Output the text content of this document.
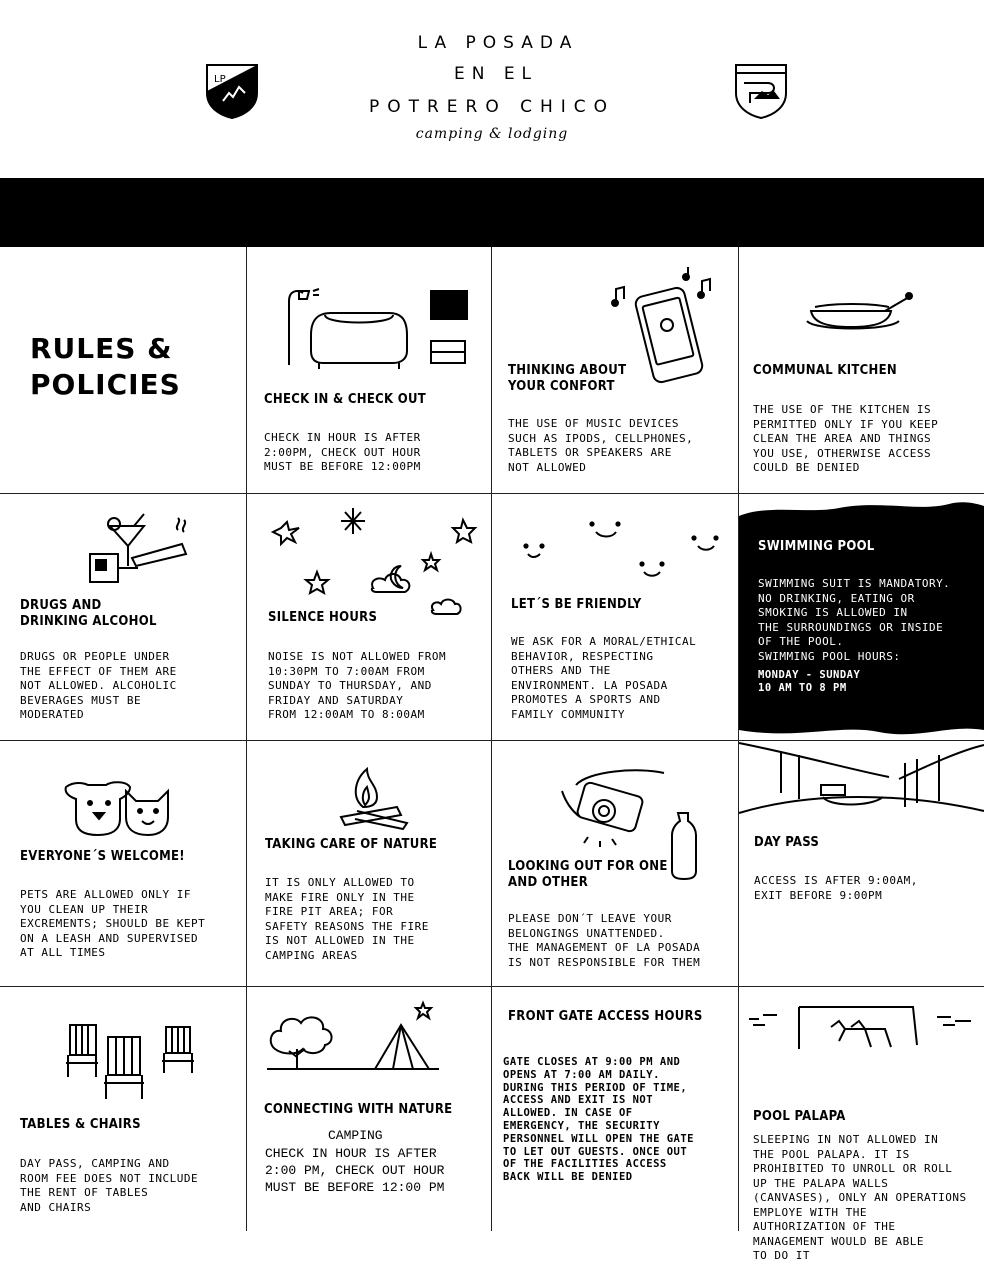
LA POSADA
EN EL
POTRERO CHICO
camping & lodging
LP
RULES &
POLICIES	CHECK IN & CHECK OUT
CHECK IN HOUR IS AFTER
2:00PM, CHECK OUT HOUR
MUST BE BEFORE 12:00PM
THINKING ABOUT
YOUR CONFORT
THE USE OF MUSIC DEVICES
SUCH AS IPODS, CELLPHONES,
TABLETS OR SPEAKERS ARE
NOT ALLOWED
COMMUNAL KITCHEN
THE USE OF THE KITCHEN IS
PERMITTED ONLY IF YOU KEEP
CLEAN THE AREA AND THINGS
YOU USE, OTHERWISE ACCESS
COULD BE DENIED
DRUGS AND
DRINKING ALCOHOL
DRUGS OR PEOPLE UNDER
THE EFFECT OF THEM ARE
NOT ALLOWED. ALCOHOLIC
BEVERAGES MUST BE
MODERATED
SILENCE HOURS
NOISE IS NOT ALLOWED FROM
10:30PM TO 7:00AM FROM
SUNDAY TO THURSDAY, AND
FRIDAY AND SATURDAY
FROM 12:00AM TO 8:00AM
LET´S BE FRIENDLY
WE ASK FOR A MORAL/ETHICAL
BEHAVIOR, RESPECTING
OTHERS AND THE
ENVIRONMENT. LA POSADA
PROMOTES A SPORTS AND
FAMILY COMMUNITY
SWIMMING POOL
SWIMMING SUIT IS MANDATORY.
NO DRINKING, EATING OR
SMOKING IS ALLOWED IN
THE SURROUNDINGS OR INSIDE
OF THE POOL.
SWIMMING POOL HOURS:
MONDAY - SUNDAY
10 AM TO 8 PM
EVERYONE´S WELCOME!
PETS ARE ALLOWED ONLY IF
YOU CLEAN UP THEIR
EXCREMENTS; SHOULD BE KEPT
ON A LEASH AND SUPERVISED
AT ALL TIMES
TAKING CARE OF NATURE
IT IS ONLY ALLOWED TO
MAKE FIRE ONLY IN THE
FIRE PIT AREA; FOR
SAFETY REASONS THE FIRE
IS NOT ALLOWED IN THE
CAMPING AREAS
LOOKING OUT FOR ONE
AND OTHER
PLEASE DON´T LEAVE YOUR
BELONGINGS UNATTENDED.
THE MANAGEMENT OF LA POSADA
IS NOT RESPONSIBLE FOR THEM
DAY PASS
ACCESS IS AFTER 9:00AM,
EXIT BEFORE 9:00PM
TABLES & CHAIRS
DAY PASS, CAMPING AND
ROOM FEE DOES NOT INCLUDE
THE RENT OF TABLES
AND CHAIRS
CONNECTING WITH NATURE
CAMPING
CHECK IN HOUR IS AFTER
2:00 PM, CHECK OUT HOUR
MUST BE BEFORE 12:00 PM
FRONT GATE ACCESS HOURS
GATE CLOSES AT 9:00 PM AND
OPENS AT 7:00 AM DAILY.
DURING THIS PERIOD OF TIME,
ACCESS AND EXIT IS NOT
ALLOWED. IN CASE OF
EMERGENCY, THE SECURITY
PERSONNEL WILL OPEN THE GATE
TO LET OUT GUESTS. ONCE OUT
OF THE FACILITIES ACCESS
BACK WILL BE DENIED
POOL PALAPA
SLEEPING IN NOT ALLOWED IN
THE POOL PALAPA. IT IS
PROHIBITED TO UNROLL OR ROLL
UP THE PALAPA WALLS
(CANVASES), ONLY AN OPERATIONS
EMPLOYE WITH THE
AUTHORIZATION OF THE
MANAGEMENT WOULD BE ABLE
TO DO IT
